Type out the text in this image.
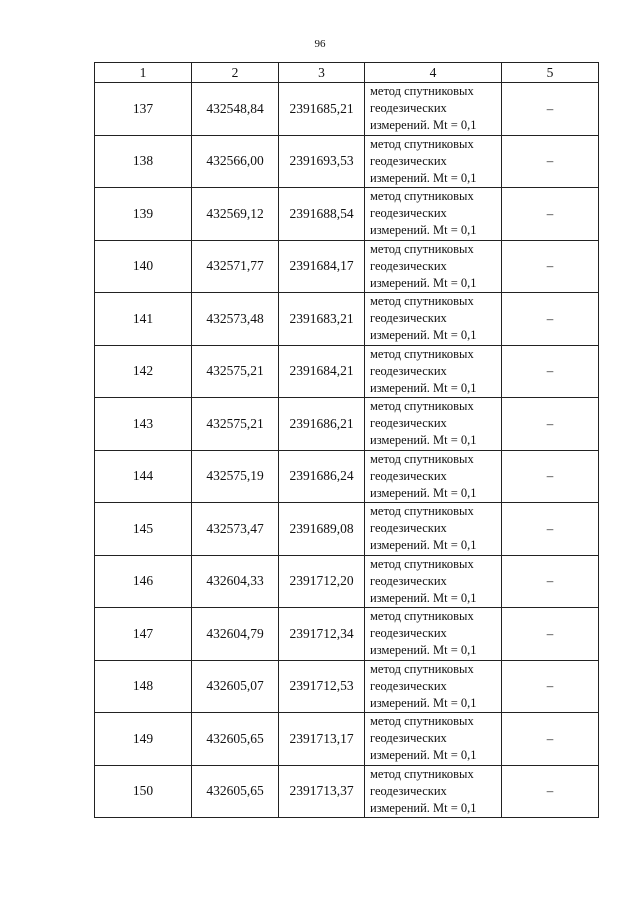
96
1	2	3	4	5
137	432548,84	2391685,21	метод спутниковых
геодезических
измерений. Mt = 0,1	–
138	432566,00	2391693,53	метод спутниковых
геодезических
измерений. Mt = 0,1	–
139	432569,12	2391688,54	метод спутниковых
геодезических
измерений. Mt = 0,1	–
140	432571,77	2391684,17	метод спутниковых
геодезических
измерений. Mt = 0,1	–
141	432573,48	2391683,21	метод спутниковых
геодезических
измерений. Mt = 0,1	–
142	432575,21	2391684,21	метод спутниковых
геодезических
измерений. Mt = 0,1	–
143	432575,21	2391686,21	метод спутниковых
геодезических
измерений. Mt = 0,1	–
144	432575,19	2391686,24	метод спутниковых
геодезических
измерений. Mt = 0,1	–
145	432573,47	2391689,08	метод спутниковых
геодезических
измерений. Mt = 0,1	–
146	432604,33	2391712,20	метод спутниковых
геодезических
измерений. Mt = 0,1	–
147	432604,79	2391712,34	метод спутниковых
геодезических
измерений. Mt = 0,1	–
148	432605,07	2391712,53	метод спутниковых
геодезических
измерений. Mt = 0,1	–
149	432605,65	2391713,17	метод спутниковых
геодезических
измерений. Mt = 0,1	–
150	432605,65	2391713,37	метод спутниковых
геодезических
измерений. Mt = 0,1	–
